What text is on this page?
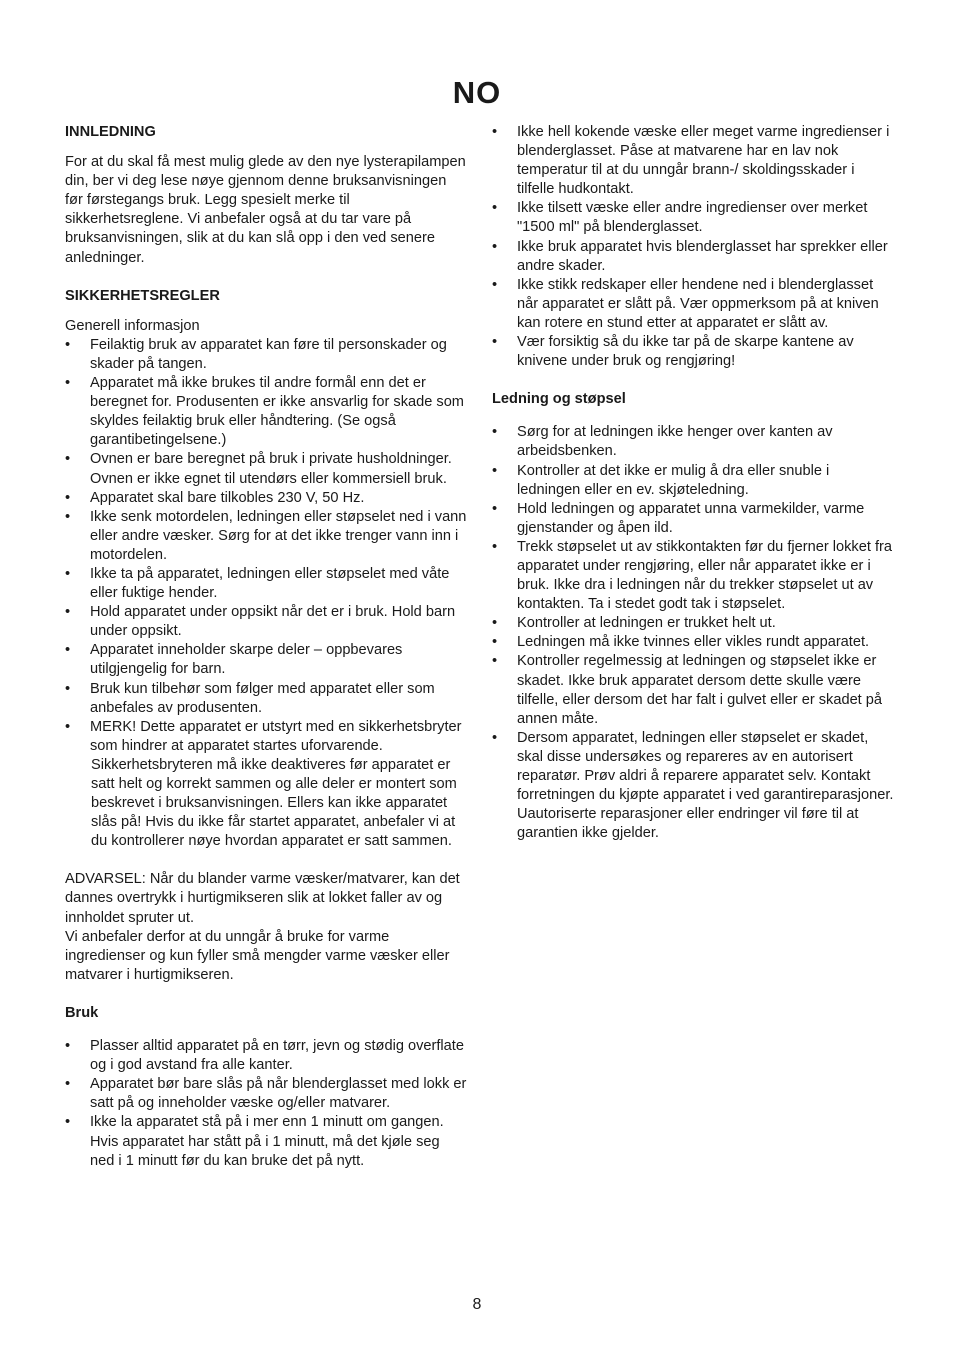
NO
INNLEDNING

For at du skal få mest mulig glede av den nye lysterapilampen din, ber vi deg lese nøye gjennom denne bruksanvisningen før førstegangs bruk. Legg spesielt merke til sikkerhetsreglene. Vi anbefaler også at du tar vare på bruksanvisningen, slik at du kan slå opp i den ved senere anledninger.

SIKKERHETSREGLER

Generell informasjon

• Feilaktig bruk av apparatet kan føre til personskader og skader på tangen.
• Apparatet må ikke brukes til andre formål enn det er beregnet for. Produsenten er ikke ansvarlig for skade som skyldes feilaktig bruk eller håndtering. (Se også garantibetingelsene.)
• Ovnen er bare beregnet på bruk i private husholdninger. Ovnen er ikke egnet til utendørs eller kommersiell bruk.
• Apparatet skal bare tilkobles 230 V, 50 Hz.
• Ikke senk motordelen, ledningen eller støpselet ned i vann eller andre væsker. Sørg for at det ikke trenger vann inn i motordelen.
• Ikke ta på apparatet, ledningen eller støpselet med våte eller fuktige hender.
• Hold apparatet under oppsikt når det er i bruk. Hold barn under oppsikt.
• Apparatet inneholder skarpe deler – oppbevares utilgjengelig for barn.
• Bruk kun tilbehør som følger med apparatet eller som anbefales av produsenten.
• MERK! Dette apparatet er utstyrt med en sikkerhetsbryter som hindrer at apparatet startes uforvarende.

Sikkerhetsbryteren må ikke deaktiveres før apparatet er satt helt og korrekt sammen og alle deler er montert som beskrevet i bruksanvisningen. Ellers kan ikke apparatet slås på! Hvis du ikke får startet apparatet, anbefaler vi at du kontrollerer nøye hvordan apparatet er satt sammen.

ADVARSEL: Når du blander varme væsker/matvarer, kan det dannes overtrykk i hurtigmikseren slik at lokket faller av og innholdet spruter ut.

Vi anbefaler derfor at du unngår å bruke for varme ingredienser og kun fyller små mengder varme væsker eller matvarer i hurtigmikseren.

Bruk
• Plasser alltid apparatet på en tørr, jevn og stødig overflate og i god avstand fra alle kanter.
• Apparatet bør bare slås på når blenderglasset med lokk er satt på og inneholder væske og/eller matvarer.
• Ikke la apparatet stå på i mer enn 1 minutt om gangen. Hvis apparatet har stått på i 1 minutt, må det kjøle seg ned i 1 minutt før du kan bruke det på nytt.
• Ikke hell kokende væske eller meget varme ingredienser i blenderglasset. Påse at matvarene har en lav nok temperatur til at du unngår brann-/ skoldingsskader i tilfelle hudkontakt.
• Ikke tilsett væske eller andre ingredienser over merket "1500 ml" på blenderglasset.
• Ikke bruk apparatet hvis blenderglasset har sprekker eller andre skader.
• Ikke stikk redskaper eller hendene ned i blenderglasset når apparatet er slått på. Vær oppmerksom på at kniven kan rotere en stund etter at apparatet er slått av.
• Vær forsiktig så du ikke tar på de skarpe kantene av knivene under bruk og rengjøring!
Ledning og støpsel
• Sørg for at ledningen ikke henger over kanten av arbeidsbenken.
• Kontroller at det ikke er mulig å dra eller snuble i ledningen eller en ev. skjøteledning.
• Hold ledningen og apparatet unna varmekilder, varme gjenstander og åpen ild.
• Trekk støpselet ut av stikkontakten før du fjerner lokket fra apparatet under rengjøring, eller når apparatet ikke er i bruk. Ikke dra i ledningen når du trekker støpselet ut av kontakten. Ta i stedet godt tak i støpselet.
• Kontroller at ledningen er trukket helt ut.
• Ledningen må ikke tvinnes eller vikles rundt apparatet.
• Kontroller regelmessig at ledningen og støpselet ikke er skadet. Ikke bruk apparatet dersom dette skulle være tilfelle, eller dersom det har falt i gulvet eller er skadet på annen måte.
• Dersom apparatet, ledningen eller støpselet er skadet, skal disse undersøkes og repareres av en autorisert reparatør. Prøv aldri å reparere apparatet selv. Kontakt forretningen du kjøpte apparatet i ved garantireparasjoner. Uautoriserte reparasjoner eller endringer vil føre til at garantien ikke gjelder.
8
